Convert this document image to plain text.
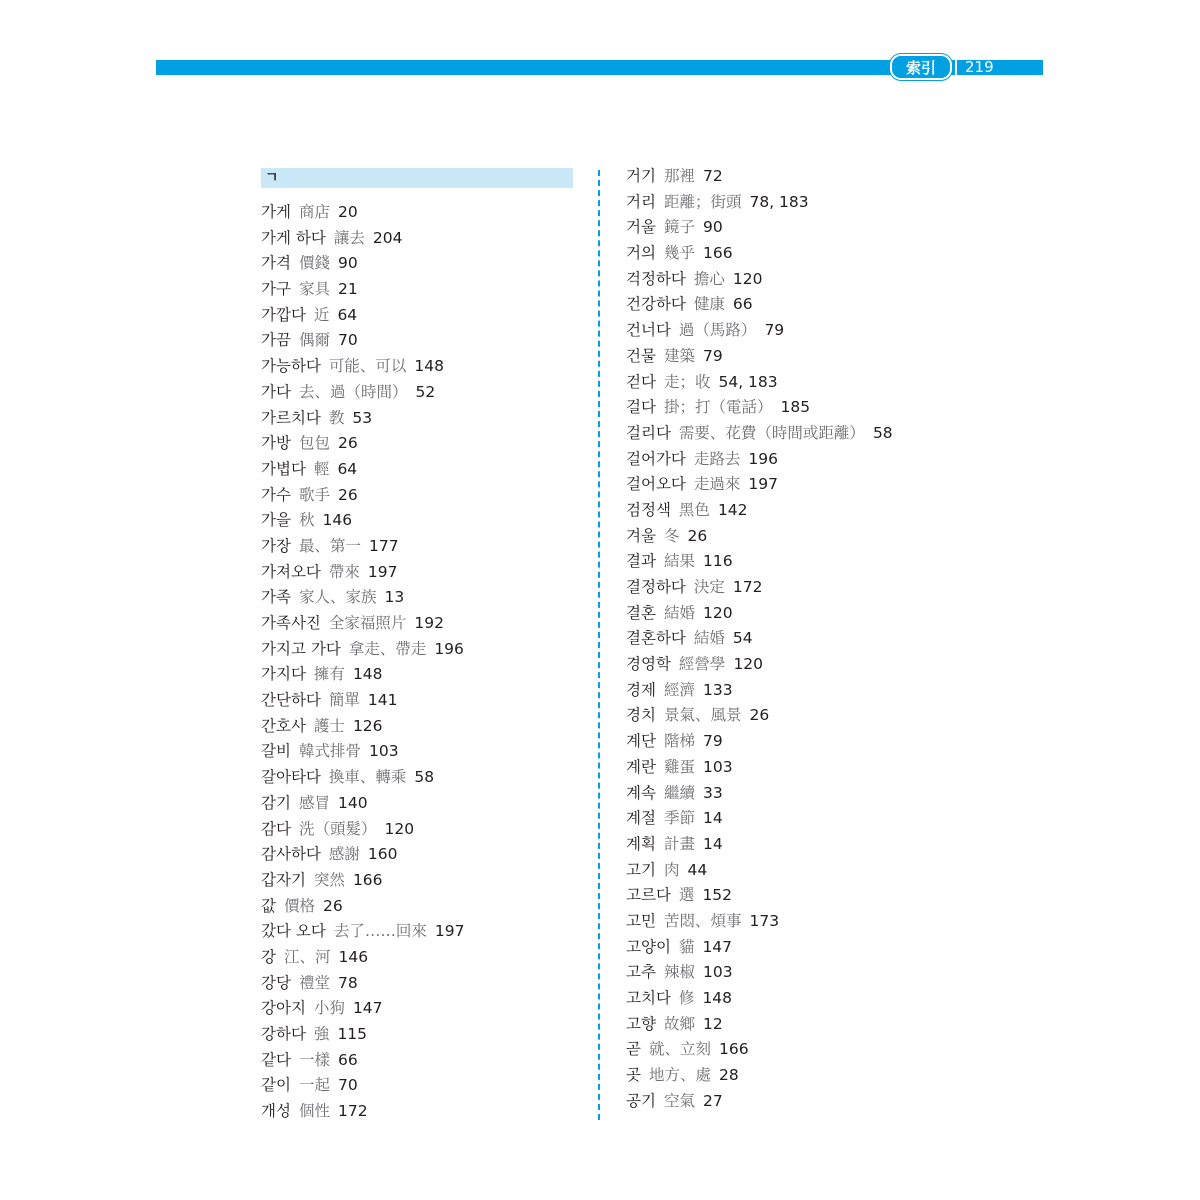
索引	219
ㄱ
가게 商店 20
가게 하다 讓去 204
가격 價錢 90
가구 家具 21
가깝다 近 64
가끔 偶爾 70
가능하다 可能、可以 148
가다 去、過（時間） 52
가르치다 教 53
가방 包包 26
가볍다 輕 64
가수 歌手 26
가을 秋 146
가장 最、第一 177
가져오다 帶來 197
가족 家人、家族 13
가족사진 全家福照片 192
가지고 가다 拿走、帶走 196
가지다 擁有 148
간단하다 簡單 141
간호사 護士 126
갈비 韓式排骨 103
갈아타다 換車、轉乘 58
감기 感冒 140
감다 洗（頭髮） 120
감사하다 感謝 160
갑자기 突然 166
값 價格 26
갔다 오다 去了……回來 197
강 江、河 146
강당 禮堂 78
강아지 小狗 147
강하다 強 115
같다 一樣 66
같이 一起 70
개성 個性 172
거기 那裡 72
거리 距離；街頭 78, 183
거울 鏡子 90
거의 幾乎 166
걱정하다 擔心 120
건강하다 健康 66
건너다 過（馬路） 79
건물 建築 79
걷다 走；收 54, 183
걸다 掛；打（電話） 185
걸리다 需要、花費（時間或距離） 58
걸어가다 走路去 196
걸어오다 走過來 197
검정색 黑色 142
겨울 冬 26
결과 結果 116
결정하다 決定 172
결혼 結婚 120
결혼하다 結婚 54
경영학 經營學 120
경제 經濟 133
경치 景氣、風景 26
계단 階梯 79
계란 雞蛋 103
계속 繼續 33
계절 季節 14
계획 計畫 14
고기 肉 44
고르다 選 152
고민 苦悶、煩事 173
고양이 貓 147
고추 辣椒 103
고치다 修 148
고향 故鄉 12
곧 就、立刻 166
곳 地方、處 28
공기 空氣 27
